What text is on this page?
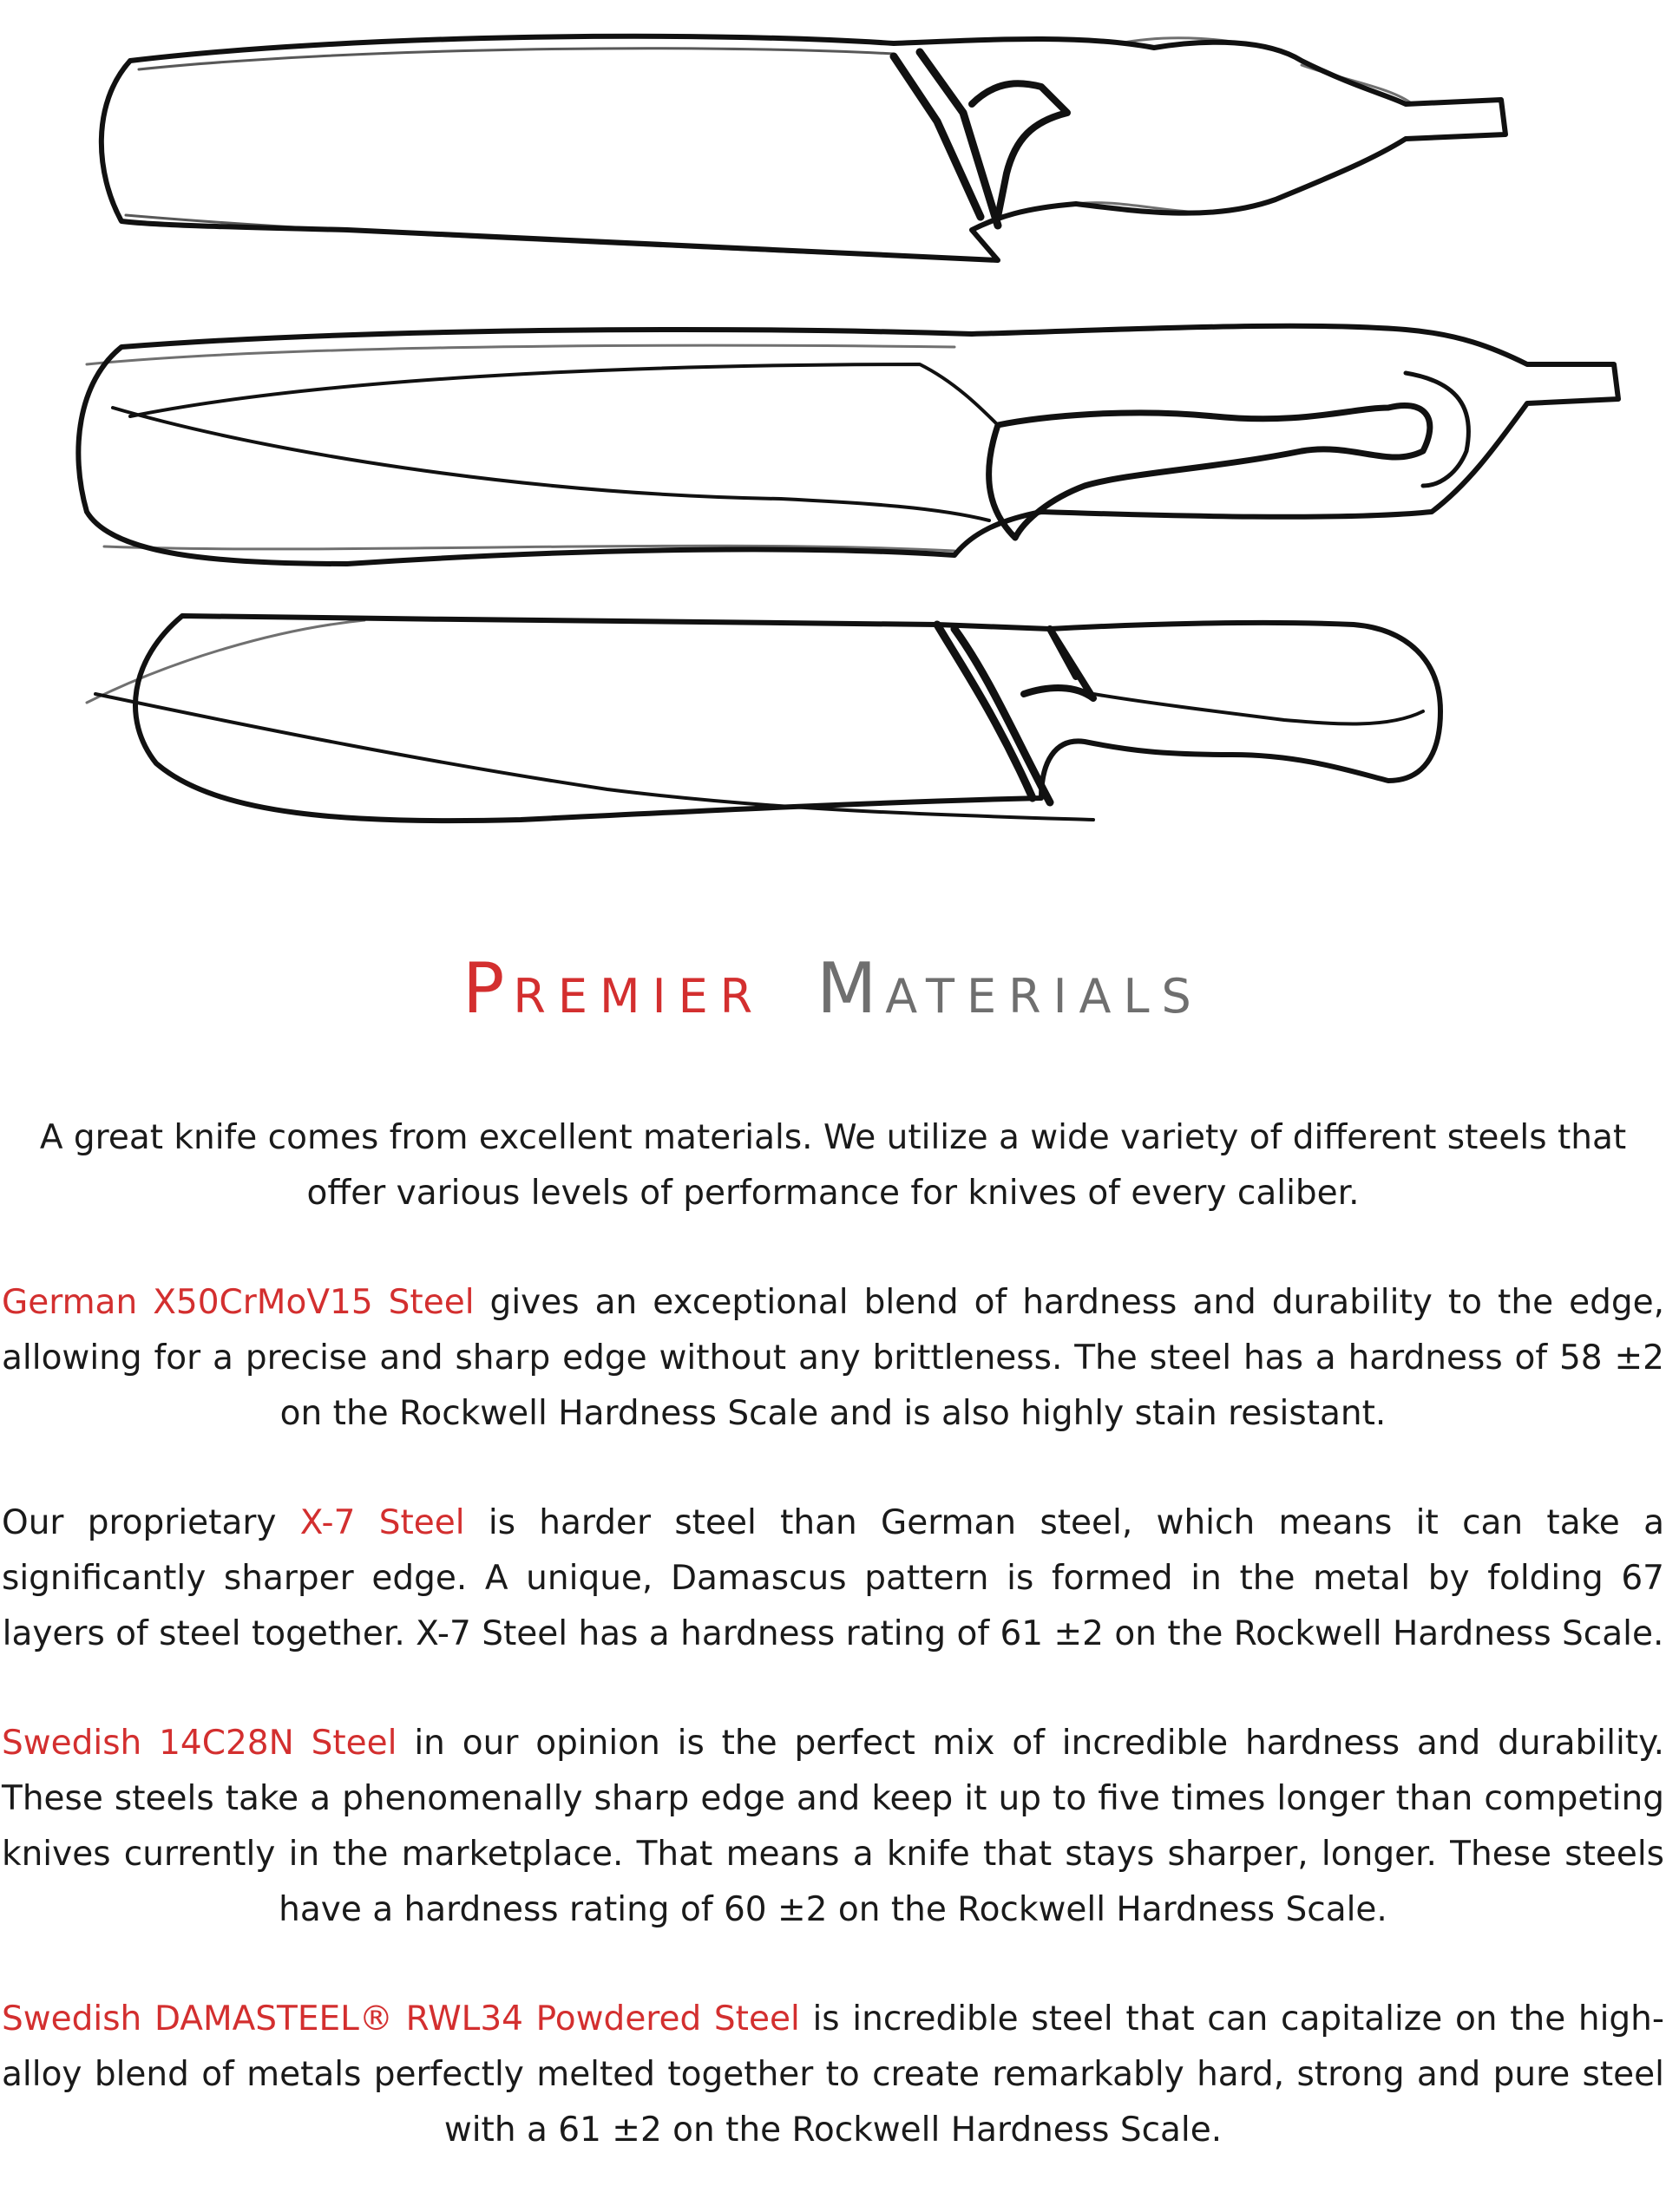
PREMIER MATERIALS

A great knife comes from excellent materials. We utilize a wide variety of different steels that offer various levels of performance for knives of every caliber.

German X50CrMoV15 Steel gives an exceptional blend of hardness and durability to the edge, allowing for a precise and sharp edge without any brittleness. The steel has a hardness of 58 ±2 on the Rockwell Hardness Scale and is also highly stain resistant.

Our proprietary X-7 Steel is harder steel than German steel, which means it can take a significantly sharper edge. A unique, Damascus pattern is formed in the metal by folding 67 layers of steel together. X-7 Steel has a hardness rating of 61 ±2 on the Rockwell Hardness Scale.

Swedish 14C28N Steel in our opinion is the perfect mix of incredible hardness and durability. These steels take a phenomenally sharp edge and keep it up to five times longer than competing knives currently in the marketplace. That means a knife that stays sharper, longer. These steels have a hardness rating of 60 ±2 on the Rockwell Hardness Scale.

Swedish DAMASTEEL® RWL34 Powdered Steel is incredible steel that can capitalize on the high-alloy blend of metals perfectly melted together to create remarkably hard, strong and pure steel with a 61 ±2 on the Rockwell Hardness Scale.
